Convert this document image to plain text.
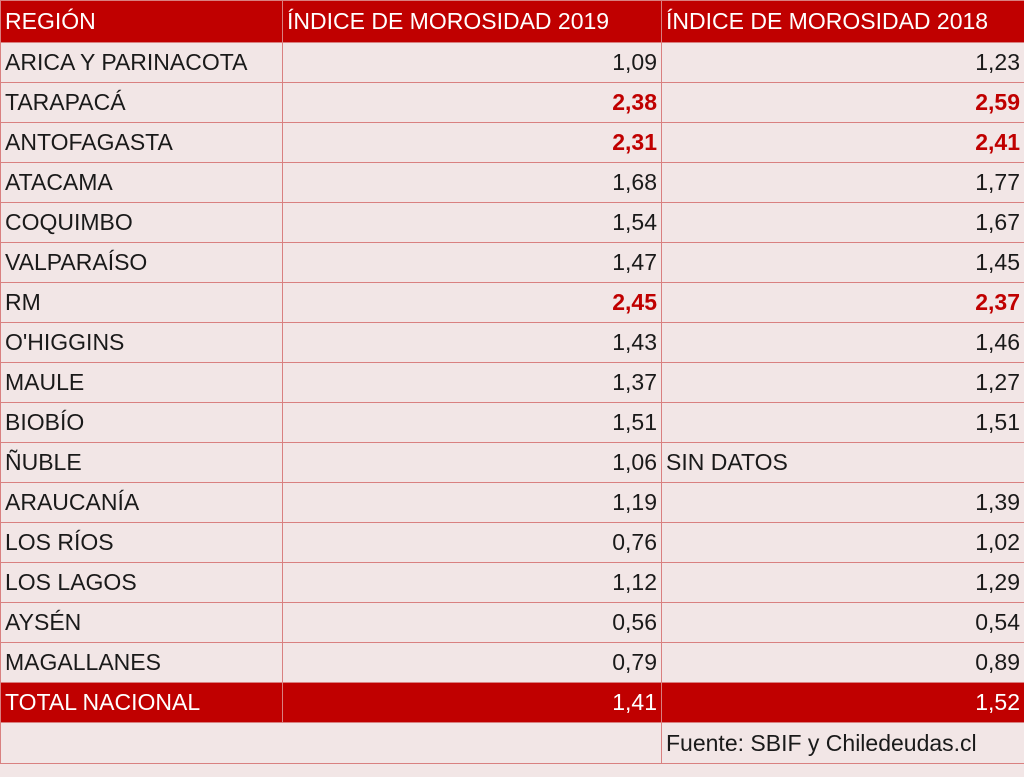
REGIÓN	ÍNDICE DE MOROSIDAD 2019	ÍNDICE DE MOROSIDAD 2018
ARICA Y PARINACOTA	1,09	1,23
TARAPACÁ	2,38	2,59
ANTOFAGASTA	2,31	2,41
ATACAMA	1,68	1,77
COQUIMBO	1,54	1,67
VALPARAÍSO	1,47	1,45
RM	2,45	2,37
O'HIGGINS	1,43	1,46
MAULE	1,37	1,27
BIOBÍO	1,51	1,51
ÑUBLE	1,06	SIN DATOS
ARAUCANÍA	1,19	1,39
LOS RÍOS	0,76	1,02
LOS LAGOS	1,12	1,29
AYSÉN	0,56	0,54
MAGALLANES	0,79	0,89
TOTAL NACIONAL	1,41	1,52
		Fuente: SBIF y Chiledeudas.cl
